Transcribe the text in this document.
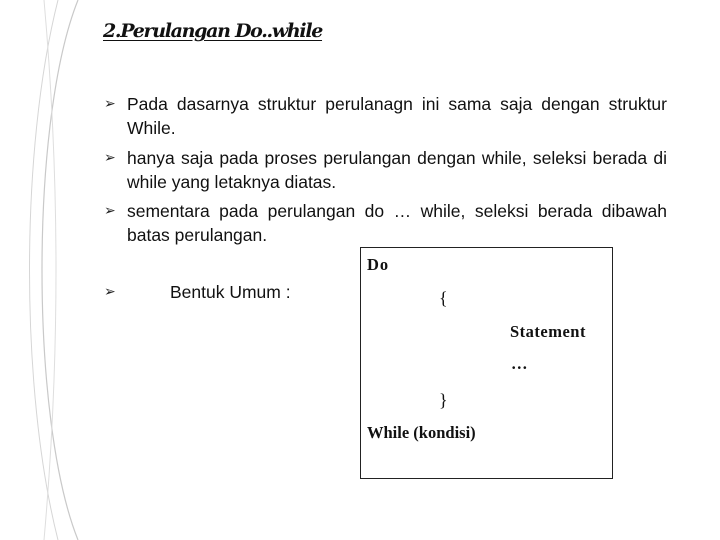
2.Perulangan Do..while
➢ Pada dasarnya struktur perulanagn ini sama saja dengan struktur While.
➢ hanya saja pada proses perulangan dengan while, seleksi berada di while yang letaknya diatas.
➢ sementara pada perulangan do … while, seleksi berada dibawah batas perulangan.
➢	Bentuk Umum :
Do
{
Statement
…
}
While (kondisi)
